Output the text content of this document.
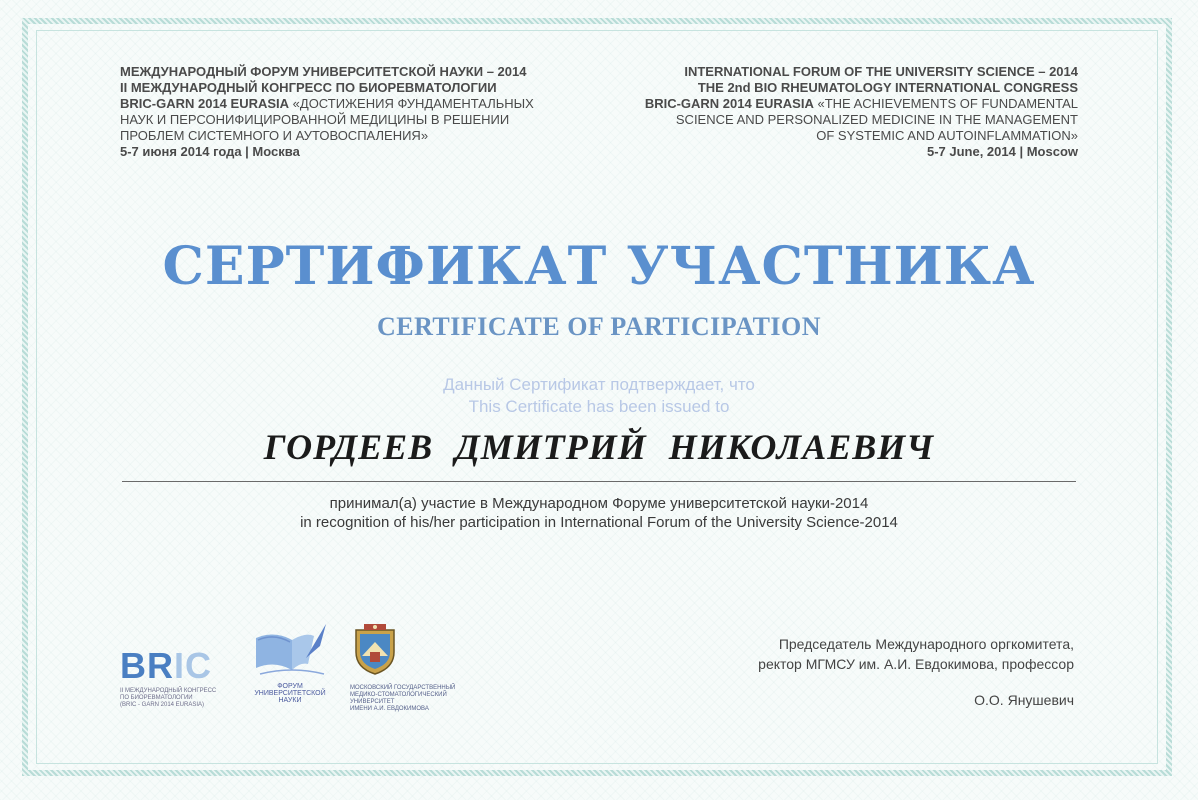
МЕЖДУНАРОДНЫЙ ФОРУМ УНИВЕРСИТЕТСКОЙ НАУКИ – 2014
II МЕЖДУНАРОДНЫЙ КОНГРЕСС ПО БИОРЕВМАТОЛОГИИ
BRIC-GARN 2014 EURASIA «ДОСТИЖЕНИЯ ФУНДАМЕНТАЛЬНЫХ
НАУК И ПЕРСОНИФИЦИРОВАННОЙ МЕДИЦИНЫ В РЕШЕНИИ
ПРОБЛЕМ СИСТЕМНОГО И АУТОВОСПАЛЕНИЯ»
5-7 июня 2014 года | Москва
INTERNATIONAL FORUM OF THE UNIVERSITY SCIENCE – 2014
THE 2nd BIO RHEUMATOLOGY INTERNATIONAL CONGRESS
BRIC-GARN 2014 EURASIA «THE ACHIEVEMENTS OF FUNDAMENTAL
SCIENCE AND PERSONALIZED MEDICINE IN THE MANAGEMENT
OF SYSTEMIC AND AUTOINFLAMMATION»
5-7 June, 2014 | Moscow
СЕРТИФИКАТ УЧАСТНИКА
CERTIFICATE OF PARTICIPATION
Данный Сертификат подтверждает, что
This Certificate has been issued to
ГОРДЕЕВ ДМИТРИЙ НИКОЛАЕВИЧ
принимал(а) участие в Международном Форуме университетской науки-2014
in recognition of his/her participation in International Forum of the University Science-2014
BRIC
II МЕЖДУНАРОДНЫЙ КОНГРЕСС
ПО БИОРЕВМАТОЛОГИИ
(BRIC - GARN 2014 EURASIA)
ФОРУМ
УНИВЕРСИТЕТСКОЙ
НАУКИ
МОСКОВСКИЙ ГОСУДАРСТВЕННЫЙ
МЕДИКО-СТОМАТОЛОГИЧЕСКИЙ
УНИВЕРСИТЕТ
ИМЕНИ А.И. ЕВДОКИМОВА
Председатель Международного оргкомитета,
ректор МГМСУ им. А.И. Евдокимова, профессор
О.О. Янушевич
